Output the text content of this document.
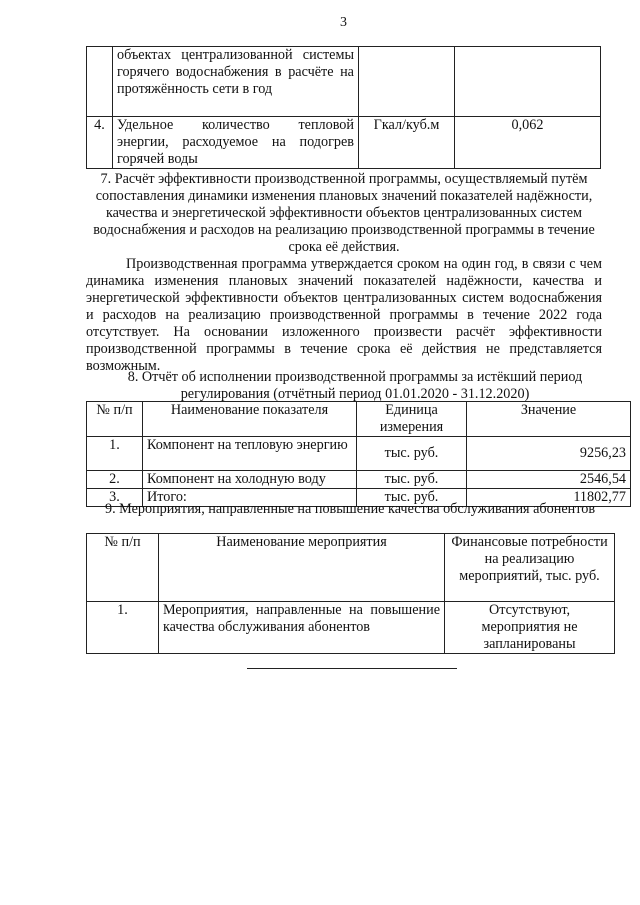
3
	объектах централизованной системы горячего водоснабжения в расчёте на протяжённость сети в год		
4.	Удельное количество тепловой энергии, расходуемое на подогрев горячей воды	Гкал/куб.м	0,062
7. Расчёт эффективности производственной программы, осуществляемый путём сопоставления динамики изменения плановых значений показателей надёжности, качества и энергетической эффективности объектов централизованных систем водоснабжения и расходов на реализацию производственной программы в течение срока её действия.
Производственная программа утверждается сроком на один год, в связи с чем динамика изменения плановых значений показателей надёжности, качества и энергетической эффективности объектов централизованных систем водоснабжения и расходов на реализацию производственной программы в течение 2022 года отсутствует. На основании изложенного произвести расчёт эффективности производственной программы в течение срока её действия не представляется возможным.
8. Отчёт об исполнении производственной программы за истёкший период регулирования (отчётный период 01.01.2020 - 31.12.2020)
№ п/п	Наименование показателя	Единица измерения	Значение
1.	Компонент на тепловую энергию	тыс. руб.	9256,23
2.	Компонент на холодную воду	тыс. руб.	2546,54
3.	Итого:	тыс. руб.	11802,77
9. Мероприятия, направленные на повышение качества обслуживания абонентов
№ п/п	Наименование мероприятия	Финансовые потребности на реализацию мероприятий, тыс. руб.
1.	Мероприятия, направленные на повышение качества обслуживания абонентов	Отсутствуют, мероприятия не запланированы
